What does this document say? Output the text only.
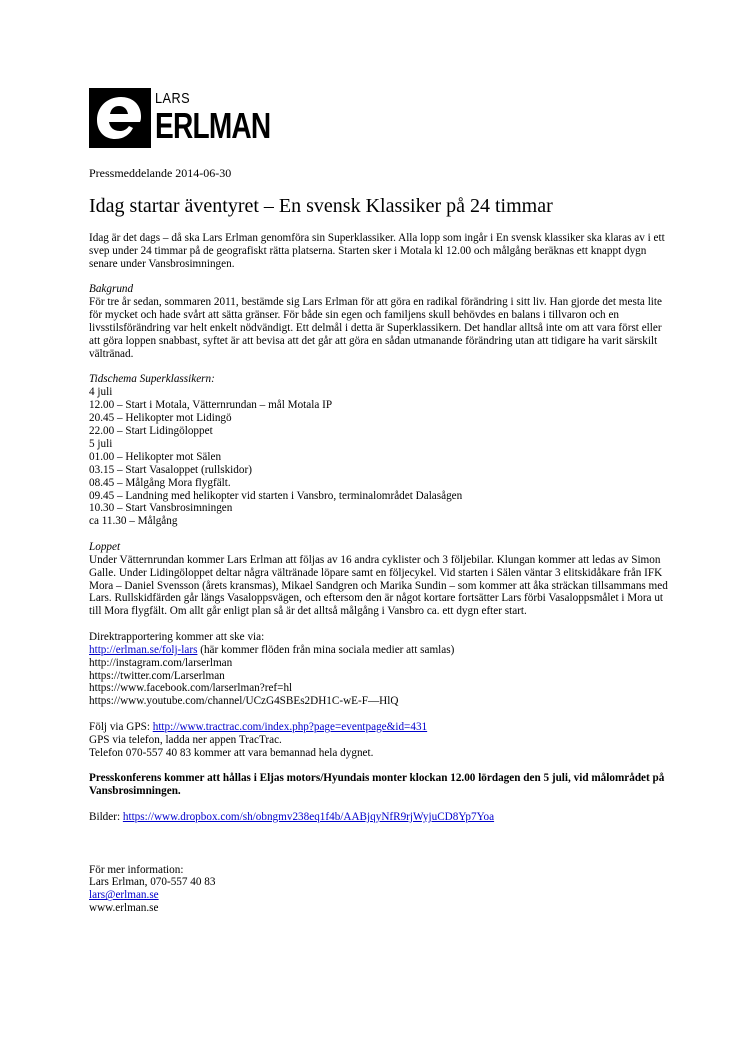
LARS
ERLMAN
Pressmeddelande 2014-06-30
Idag startar äventyret – En svensk Klassiker på 24 timmar

Idag är det dags – då ska Lars Erlman genomföra sin Superklassiker. Alla lopp som ingår i En svensk klassiker ska klaras av i ett svep under 24 timmar på de geografiskt rätta platserna. Starten sker i Motala kl 12.00 och målgång beräknas ett knappt dygn senare under Vansbrosimningen.

Bakgrund

För tre år sedan, sommaren 2011, bestämde sig Lars Erlman för att göra en radikal förändring i sitt liv. Han gjorde det mesta lite för mycket och hade svårt att sätta gränser. För både sin egen och familjens skull behövdes en balans i tillvaron och en livsstilsförändring var helt enkelt nödvändigt. Ett delmål i detta är Superklassikern. Det handlar alltså inte om att vara först eller att göra loppen snabbast, syftet är att bevisa att det går att göra en sådan utmanande förändring utan att tidigare ha varit särskilt vältränad.

Tidschema Superklassikern:

4 juli

12.00 – Start i Motala, Vätternrundan – mål Motala IP

20.45 – Helikopter mot Lidingö

22.00 – Start Lidingöloppet

5 juli

01.00 – Helikopter mot Sälen

03.15 – Start Vasaloppet (rullskidor)

08.45 – Målgång Mora flygfält.

09.45 – Landning med helikopter vid starten i Vansbro, terminalområdet Dalasågen

10.30 – Start Vansbrosimningen

ca 11.30 – Målgång

Loppet

Under Vätternrundan kommer Lars Erlman att följas av 16 andra cyklister och 3 följebilar. Klungan kommer att ledas av Simon Galle. Under Lidingöloppet deltar några vältränade löpare samt en följecykel. Vid starten i Sälen väntar 3 elitskidåkare från IFK Mora – Daniel Svensson (årets kransmas), Mikael Sandgren och Marika Sundin – som kommer att åka sträckan tillsammans med Lars. Rullskidfärden går längs Vasaloppsvägen, och eftersom den är något kortare fortsätter Lars förbi Vasaloppsmålet i Mora ut till Mora flygfält. Om allt går enligt plan så är det alltså målgång i Vansbro ca. ett dygn efter start.

Direktrapportering kommer att ske via:

http://erlman.se/folj-lars (här kommer flöden från mina sociala medier att samlas)

http://instagram.com/larserlman

https://twitter.com/Larserlman

https://www.facebook.com/larserlman?ref=hl

https://www.youtube.com/channel/UCzG4SBEs2DH1C-wE-F—HlQ

Följ via GPS: http://www.tractrac.com/index.php?page=eventpage&id=431

GPS via telefon, ladda ner appen TracTrac.

Telefon 070-557 40 83 kommer att vara bemannad hela dygnet.

Presskonferens kommer att hållas i Eljas motors/Hyundais monter klockan 12.00 lördagen den 5 juli, vid målområdet på Vansbrosimningen.

Bilder: https://www.dropbox.com/sh/obngmv238eq1f4b/AABjqyNfR9rjWyjuCD8Yp7Yoa

För mer information:

Lars Erlman, 070-557 40 83

lars@erlman.se

www.erlman.se
